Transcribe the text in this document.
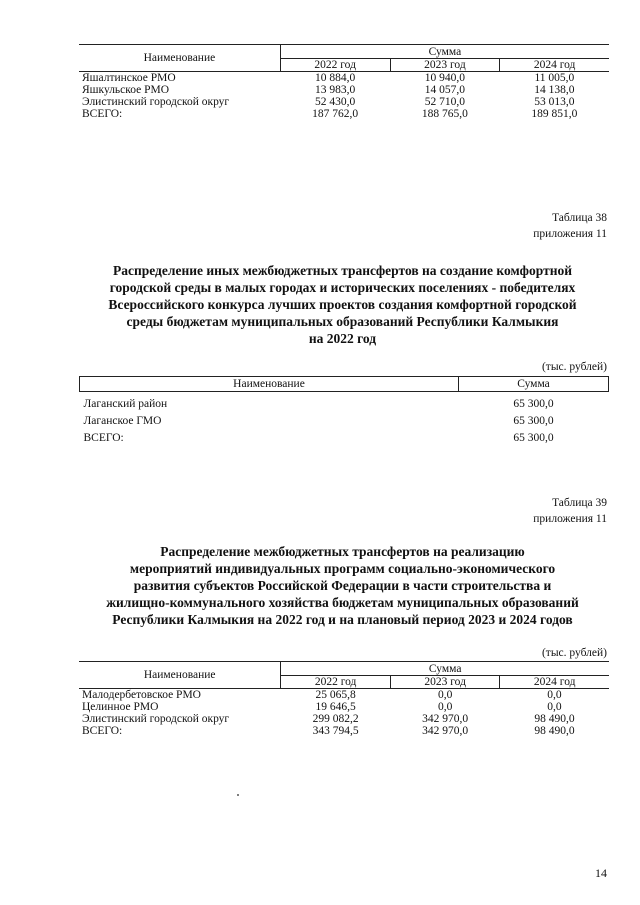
Наименование	Сумма		
	2022 год	2023 год	2024 год
Яшалтинское РМО	10 884,0	10 940,0	11 005,0
Яшкульское РМО	13 983,0	14 057,0	14 138,0
Элистинский городской округ	52 430,0	52 710,0	53 013,0
ВСЕГО:	187 762,0	188 765,0	189 851,0
Таблица 38
приложения 11
Распределение иных межбюджетных трансфертов на создание комфортной
городской среды в малых городах и исторических поселениях - победителях
Всероссийского конкурса лучших проектов создания комфортной городской
среды бюджетам муниципальных образований Республики Калмыкия
на 2022 год
(тыс. рублей)
Наименование	Сумма
Лаганский район	65 300,0
Лаганское ГМО	65 300,0
ВСЕГО:	65 300,0
Таблица 39
приложения 11
Распределение межбюджетных трансфертов на реализацию
мероприятий индивидуальных программ социально-экономического
развития субъектов Российской Федерации в части строительства и
жилищно-коммунального хозяйства бюджетам муниципальных образований
Республики Калмыкия на 2022 год и на плановый период 2023 и 2024 годов
(тыс. рублей)
Наименование	Сумма		
	2022 год	2023 год	2024 год
Малодербетовское РМО	25 065,8	0,0	0,0
Целинное РМО	19 646,5	0,0	0,0
Элистинский городской округ	299 082,2	342 970,0	98 490,0
ВСЕГО:	343 794,5	342 970,0	98 490,0
14
